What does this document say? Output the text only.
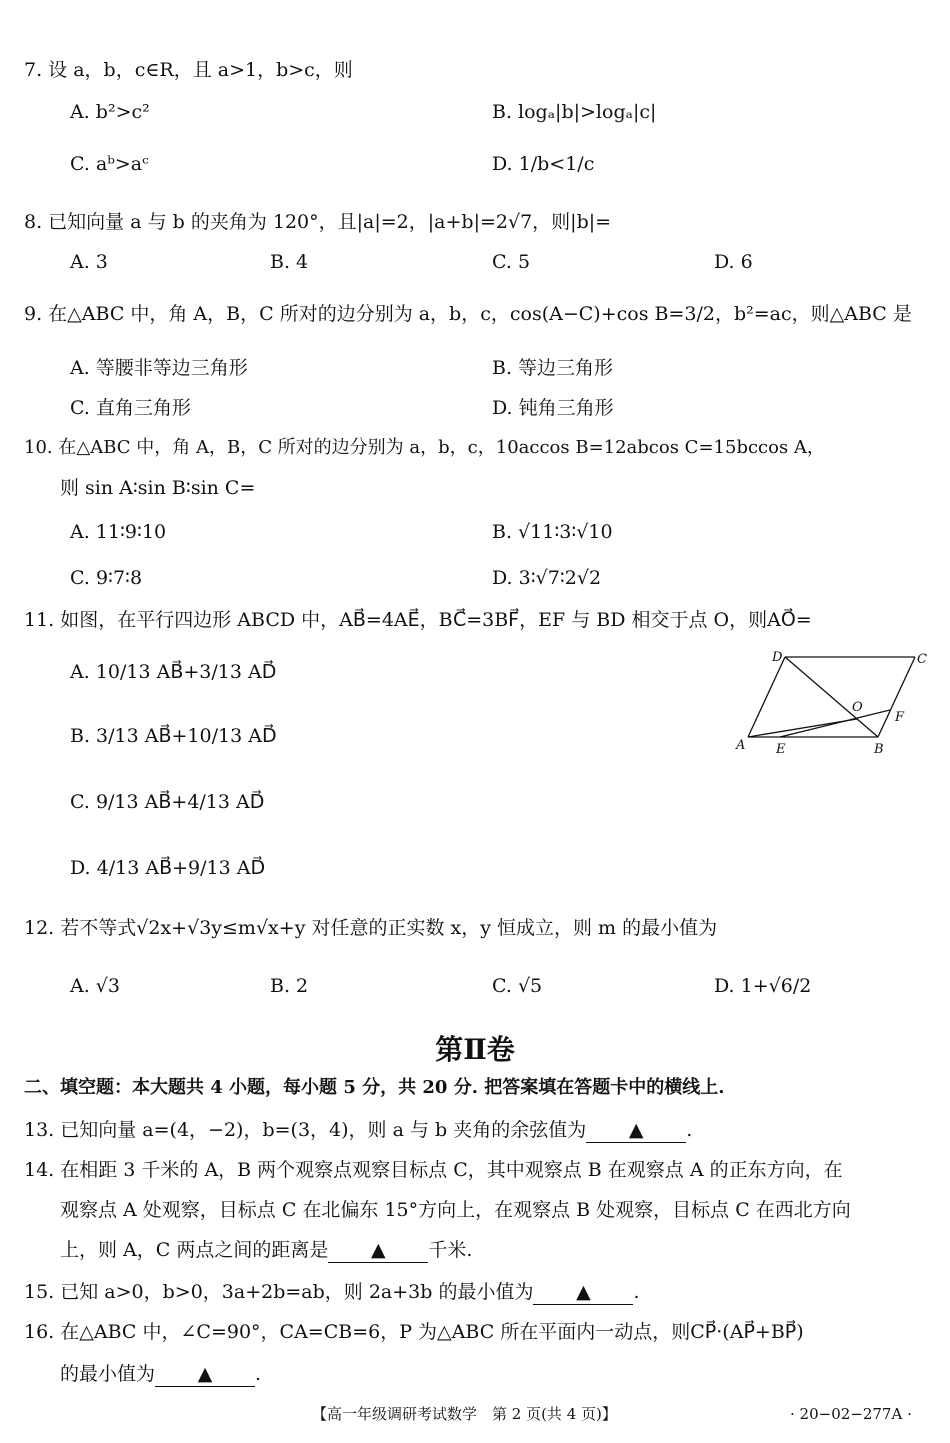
7. 设 a，b，c∈R，且 a>1，b>c，则
A. b²>c²	B. logₐ|b|>logₐ|c|
C. aᵇ>aᶜ	D. 1/b<1/c
8. 已知向量 a 与 b 的夹角为 120°，且|a|=2，|a+b|=2√7，则|b|=
A. 3	B. 4	C. 5	D. 6
9. 在△ABC 中，角 A，B，C 所对的边分别为 a，b，c，cos(A−C)+cos B=3/2，b²=ac，则△ABC 是
A. 等腰非等边三角形	B. 等边三角形
C. 直角三角形	D. 钝角三角形
10. 在△ABC 中，角 A，B，C 所对的边分别为 a，b，c，10accos B=12abcos C=15bccos A，
则 sin A∶sin B∶sin C=
A. 11∶9∶10	B. √11∶3∶√10
C. 9∶7∶8	D. 3∶√7∶2√2
11. 如图，在平行四边形 ABCD 中，AB⃗=4AE⃗，BC⃗=3BF⃗，EF 与 BD 相交于点 O，则AO⃗=
A. 10/13 AB⃗+3/13 AD⃗
B. 3/13 AB⃗+10/13 AD⃗
C. 9/13 AB⃗+4/13 AD⃗
D. 4/13 AB⃗+9/13 AD⃗
A	B
C
D
E
F
O
12. 若不等式√2x+√3y≤m√x+y 对任意的正实数 x，y 恒成立，则 m 的最小值为
A. √3	B. 2	C. √5	D. 1+√6/2
第Ⅱ卷
二、填空题：本大题共 4 小题，每小题 5 分，共 20 分. 把答案填在答题卡中的横线上.
13. 已知向量 a=(4，−2)，b=(3，4)，则 a 与 b 夹角的余弦值为 ▲ .
14. 在相距 3 千米的 A，B 两个观察点观察目标点 C，其中观察点 B 在观察点 A 的正东方向，在
观察点 A 处观察，目标点 C 在北偏东 15°方向上，在观察点 B 处观察，目标点 C 在西北方向
上，则 A，C 两点之间的距离是 ▲ 千米.
15. 已知 a>0，b>0，3a+2b=ab，则 2a+3b 的最小值为 ▲ .
16. 在△ABC 中，∠C=90°，CA=CB=6，P 为△ABC 所在平面内一动点，则CP⃗·(AP⃗+BP⃗)
的最小值为 ▲ .
【高一年级调研考试数学　第 2 页(共 4 页)】	· 20−02−277A ·
